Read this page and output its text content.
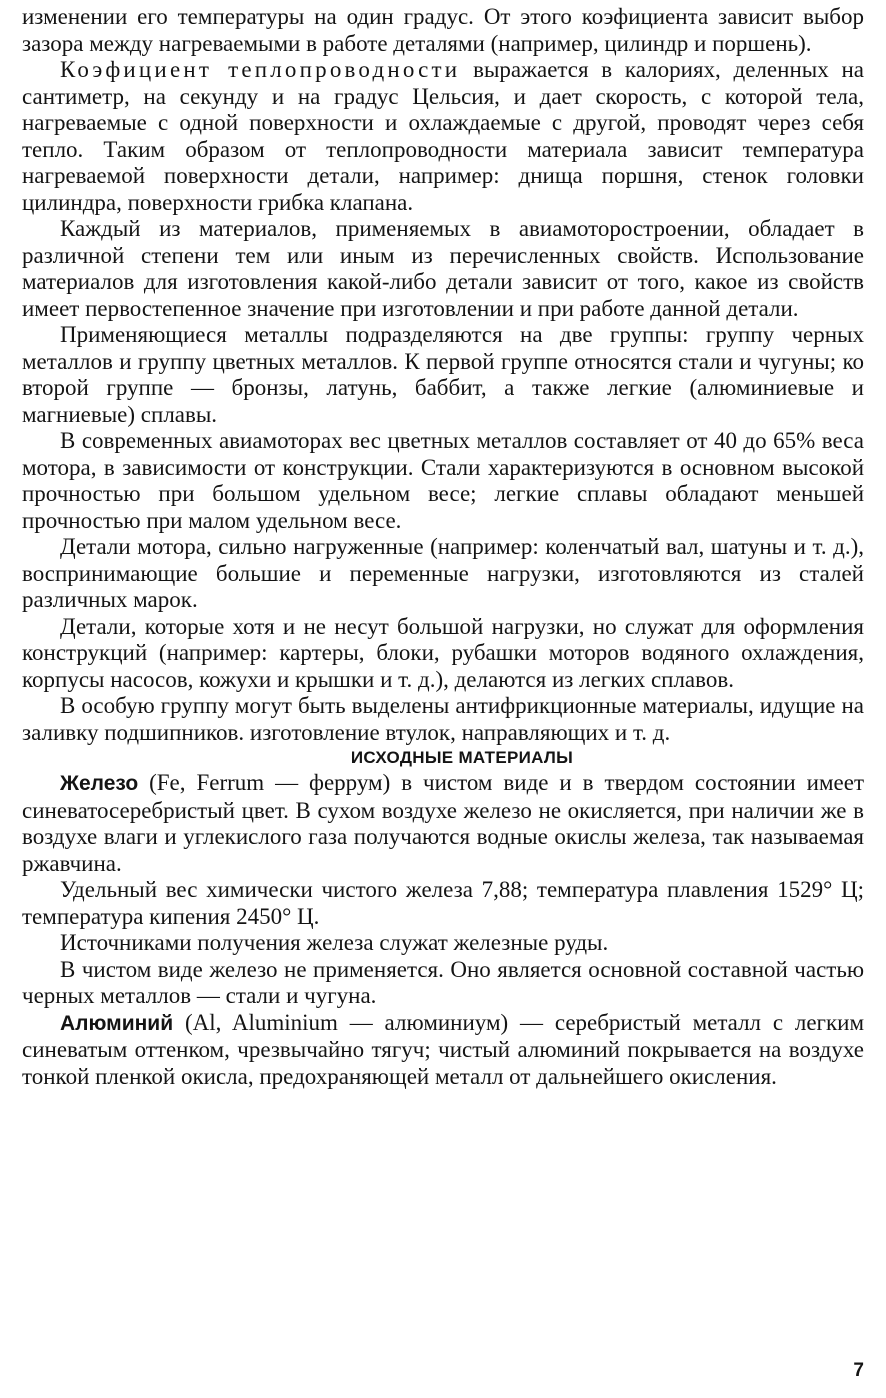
изменении его температуры на один градус. От этого коэфициента зависит выбор зазора между нагреваемыми в работе деталями (например, цилиндр и поршень).

Коэфициент теплопроводности выражается в калориях, деленных на сантиметр, на секунду и на градус Цельсия, и дает скорость, с которой тела, нагреваемые с одной поверхности и охлаждаемые с другой, проводят через себя тепло. Таким образом от теплопроводности материала зависит температура нагреваемой поверхности детали, например: днища поршня, стенок головки цилиндра, поверхности грибка клапана.

Каждый из материалов, применяемых в авиамоторостроении, обладает в различной степени тем или иным из перечисленных свойств. Использование материалов для изготовления какой-либо детали зависит от того, какое из свойств имеет первостепенное значение при изготовлении и при работе данной детали.

Применяющиеся металлы подразделяются на две группы: группу черных металлов и группу цветных металлов. К первой группе относятся стали и чугуны; ко второй группе — бронзы, латунь, баббит, а также легкие (алюминиевые и магниевые) сплавы.

В современных авиамоторах вес цветных металлов составляет от 40 до 65% веса мотора, в зависимости от конструкции. Стали характеризуются в основном высокой прочностью при большом удельном весе; легкие сплавы обладают меньшей прочностью при малом удельном весе.

Детали мотора, сильно нагруженные (например: коленчатый вал, шатуны и т. д.), воспринимающие большие и переменные нагрузки, изготовляются из сталей различных марок.

Детали, которые хотя и не несут большой нагрузки, но служат для оформления конструкций (например: картеры, блоки, рубашки моторов водяного охлаждения, корпусы насосов, кожухи и крышки и т. д.), делаются из легких сплавов.

В особую группу могут быть выделены антифрикционные материалы, идущие на заливку подшипников. изготовление втулок, направляющих и т. д.

ИСХОДНЫЕ МАТЕРИАЛЫ

Железо (Fe, Ferrum — феррум) в чистом виде и в твердом состоянии имеет синеватосеребристый цвет. В сухом воздухе железо не окисляется, при наличии же в воздухе влаги и углекислого газа получаются водные окислы железа, так называемая ржавчина.

Удельный вес химически чистого железа 7,88; температура плавления 1529° Ц; температура кипения 2450° Ц.

Источниками получения железа служат железные руды.

В чистом виде железо не применяется. Оно является основной составной частью черных металлов — стали и чугуна.

Алюминий (Al, Aluminium — алюминиум) — серебристый металл с легким синеватым оттенком, чрезвычайно тягуч; чистый алюминий покрывается на воздухе тонкой пленкой окисла, предохраняющей металл от дальнейшего окисления.

7
